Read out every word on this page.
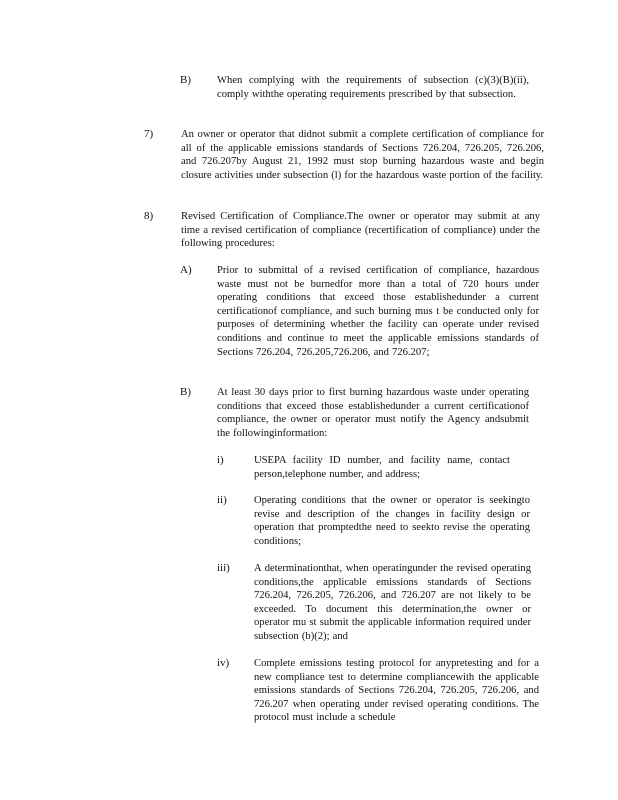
B) When complying with the requirements of subsection (c)(3)(B)(ii), comply withthe operating requirements prescribed by that subsection.
7)	An owner or operator that didnot submit a complete certification of compliance for all of the applicable emissions standards of Sections 726.204, 726.205, 726.206, and 726.207by August 21, 1992 must stop burning hazardous waste and begin closure activities under subsection (l) for the hazardous waste portion of the facility.
8)	Revised Certification of Compliance.The owner or operator may submit at any time a revised certification of compliance (recertification of compliance) under the following procedures:
A) Prior to submittal of a revised certification of compliance, hazardous waste must not be burnedfor more than a total of 720 hours under operating conditions that exceed those establishedunder a current certificationof compliance, and such burning mus t be conducted only for purposes of determining whether the facility can operate under revised conditions and continue to meet the applicable emissions standards of Sections 726.204, 726.205,726.206, and 726.207;
B) At least 30 days prior to first burning hazardous waste under operating conditions that exceed those establishedunder a current certificationof compliance, the owner or operator must notify the Agency andsubmit the followinginformation:
i)	USEPA facility ID number, and facility name, contact person,telephone number, and address;
ii)	Operating conditions that the owner or operator is seekingto revise and description of the changes in facility design or operation that promptedthe need to seekto revise the operating conditions;
iii) A determinationthat, when operatingunder the revised operating conditions,the applicable emissions standards of Sections 726.204, 726.205, 726.206, and 726.207 are not likely to be exceeded. To document this determination,the owner or operator mu st submit the applicable information required under subsection (b)(2); and
iv) Complete emissions testing protocol for anypretesting and for a new compliance test to determine compliancewith the applicable emissions standards of Sections 726.204, 726.205, 726.206, and 726.207 when operating under revised operating conditions. The protocol must include a schedule
